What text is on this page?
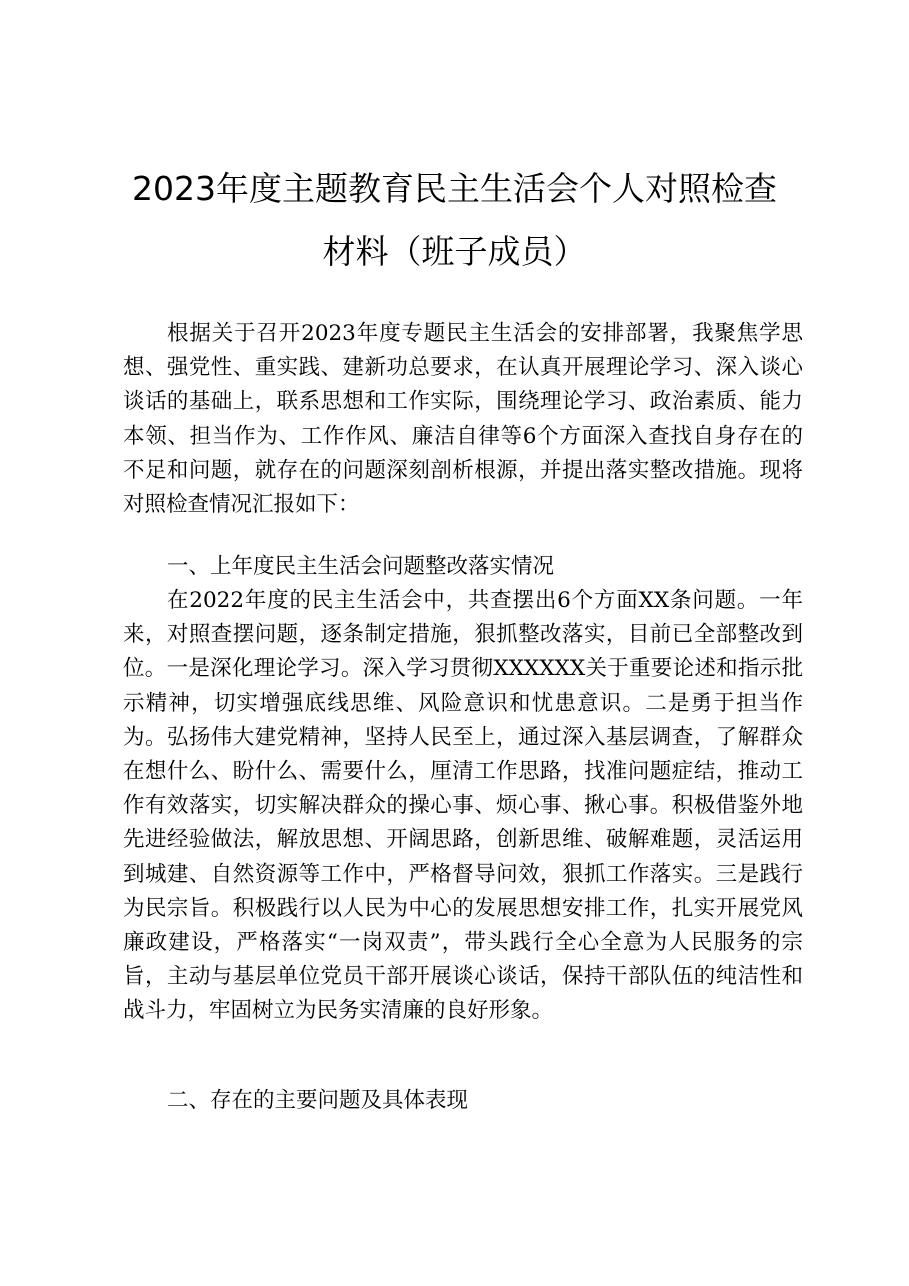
2023年度主题教育民主生活会个人对照检查
材料（班子成员）
根据关于召开2023年度专题民主生活会的安排部署，我聚焦学思想、强党性、重实践、建新功总要求，在认真开展理论学习、深入谈心谈话的基础上，联系思想和工作实际，围绕理论学习、政治素质、能力本领、担当作为、工作作风、廉洁自律等6个方面深入查找自身存在的不足和问题，就存在的问题深刻剖析根源，并提出落实整改措施。现将对照检查情况汇报如下：
一、上年度民主生活会问题整改落实情况
在2022年度的民主生活会中，共查摆出6个方面XX条问题。一年来，对照查摆问题，逐条制定措施，狠抓整改落实，目前已全部整改到位。一是深化理论学习。深入学习贯彻XXXXXX关于重要论述和指示批示精神，切实增强底线思维、风险意识和忧患意识。二是勇于担当作为。弘扬伟大建党精神，坚持人民至上，通过深入基层调查，了解群众在想什么、盼什么、需要什么，厘清工作思路，找准问题症结，推动工作有效落实，切实解决群众的操心事、烦心事、揪心事。积极借鉴外地先进经验做法，解放思想、开阔思路，创新思维、破解难题，灵活运用到城建、自然资源等工作中，严格督导问效，狠抓工作落实。三是践行为民宗旨。积极践行以人民为中心的发展思想安排工作，扎实开展党风廉政建设，严格落实“一岗双责”，带头践行全心全意为人民服务的宗旨，主动与基层单位党员干部开展谈心谈话，保持干部队伍的纯洁性和战斗力，牢固树立为民务实清廉的良好形象。
二、存在的主要问题及具体表现
